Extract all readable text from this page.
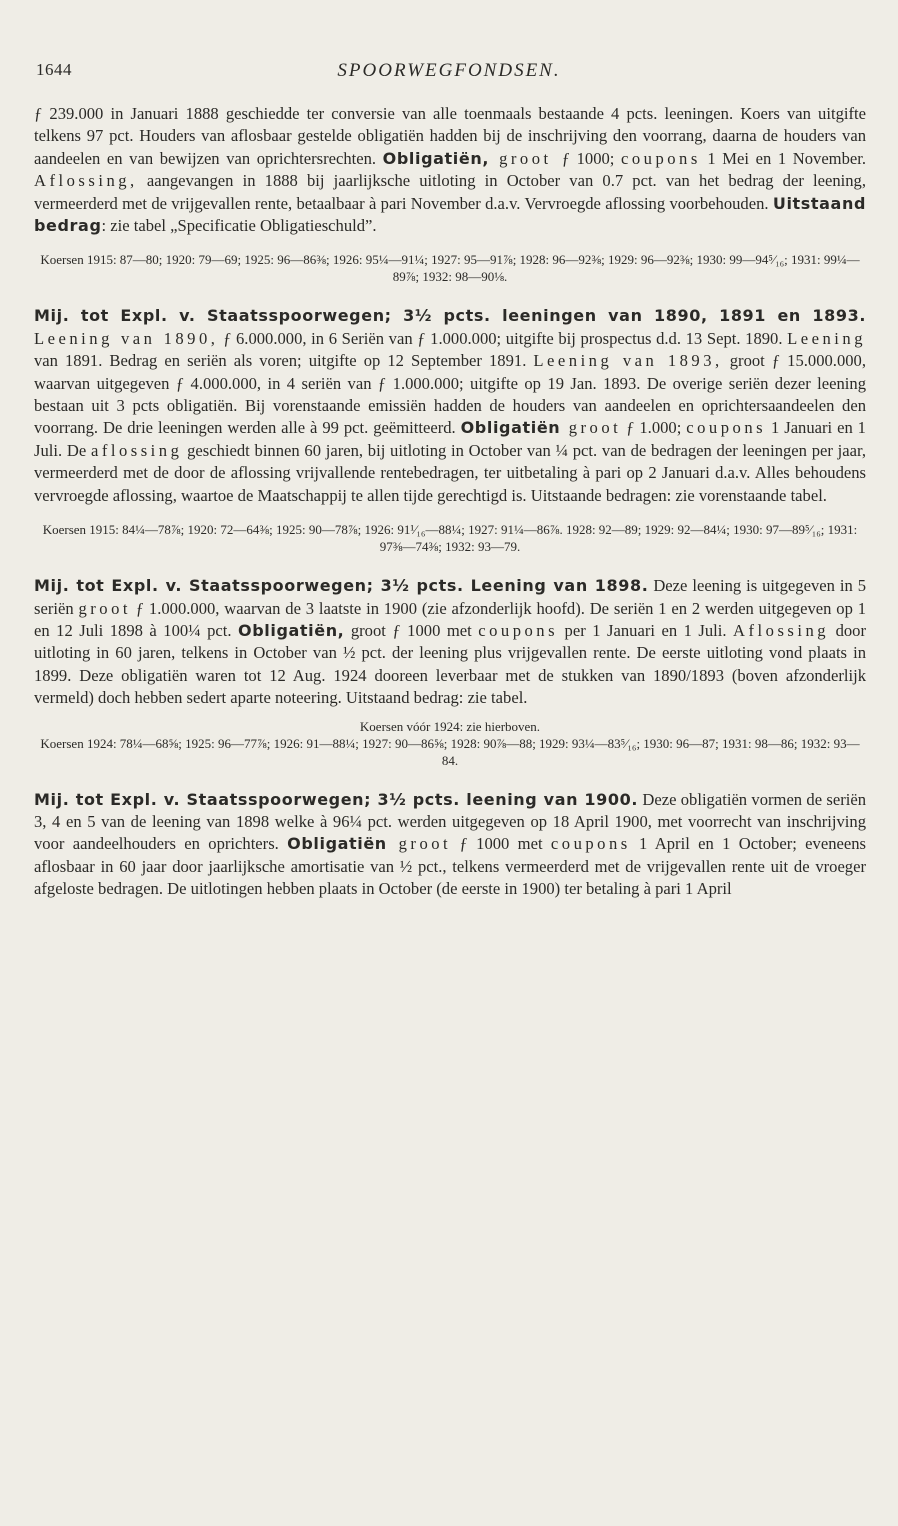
1644	SPOORWEGFONDSEN.

ƒ 239.000 in Januari 1888 geschiedde ter conversie van alle toenmaals bestaande 4 pcts. leeningen. Koers van uitgifte telkens 97 pct. Houders van aflosbaar gestelde obligatiën hadden bij de inschrijving den voorrang, daarna de houders van aandeelen en van bewijzen van oprichtersrechten. Obligatiën, groot ƒ 1000; coupons 1 Mei en 1 November. Aflossing, aangevangen in 1888 bij jaarlijksche uitloting in October van 0.7 pct. van het bedrag der leening, vermeerderd met de vrijgevallen rente, betaalbaar à pari November d.a.v. Vervroegde aflossing voorbehouden. Uitstaand bedrag: zie tabel „Specificatie Obligatieschuld”.

Koersen 1915: 87—80; 1920: 79—69; 1925: 96—86⅜; 1926: 95¼—91¼; 1927: 95—91⅞; 1928: 96—92⅜; 1929: 96—92⅜; 1930: 99—94⁵⁄₁₆; 1931: 99¼—89⅞; 1932: 98—90⅛.

Mij. tot Expl. v. Staatsspoorwegen; 3½ pcts. leeningen van 1890, 1891 en 1893. Leening van 1890, ƒ 6.000.000, in 6 Seriën van ƒ 1.000.000; uitgifte bij prospectus d.d. 13 Sept. 1890. Leening van 1891. Bedrag en seriën als voren; uitgifte op 12 September 1891. Leening van 1893, groot ƒ 15.000.000, waarvan uitgegeven ƒ 4.000.000, in 4 seriën van ƒ 1.000.000; uitgifte op 19 Jan. 1893. De overige seriën dezer leening bestaan uit 3 pcts obligatiën. Bij vorenstaande emissiën hadden de houders van aandeelen en oprichtersaandeelen den voorrang. De drie leeningen werden alle à 99 pct. geëmitteerd. Obligatiën groot ƒ 1.000; coupons 1 Januari en 1 Juli. De aflossing geschiedt binnen 60 jaren, bij uitloting in October van ¼ pct. van de bedragen der leeningen per jaar, vermeerderd met de door de aflossing vrijvallende rentebedragen, ter uitbetaling à pari op 2 Januari d.a.v. Alles behoudens vervroegde aflossing, waartoe de Maatschappij te allen tijde gerechtigd is. Uitstaande bedragen: zie vorenstaande tabel.

Koersen 1915: 84¼—78⅞; 1920: 72—64⅜; 1925: 90—78⅞; 1926: 91¹⁄₁₆—88¼; 1927: 91¼—86⅞. 1928: 92—89; 1929: 92—84¼; 1930: 97—89⁵⁄₁₆; 1931: 97⅜—74⅜; 1932: 93—79.

Mij. tot Expl. v. Staatsspoorwegen; 3½ pcts. Leening van 1898. Deze leening is uitgegeven in 5 seriën groot ƒ 1.000.000, waarvan de 3 laatste in 1900 (zie afzonderlijk hoofd). De seriën 1 en 2 werden uitgegeven op 1 en 12 Juli 1898 à 100¼ pct. Obligatiën, groot ƒ 1000 met coupons per 1 Januari en 1 Juli. Aflossing door uitloting in 60 jaren, telkens in October van ½ pct. der leening plus vrijgevallen rente. De eerste uitloting vond plaats in 1899. Deze obligatiën waren tot 12 Aug. 1924 dooreen leverbaar met de stukken van 1890/1893 (boven afzonderlijk vermeld) doch hebben sedert aparte noteering. Uitstaand bedrag: zie tabel.

Koersen vóór 1924: zie hierboven.

Koersen 1924: 78¼—68⅝; 1925: 96—77⅞; 1926: 91—88¼; 1927: 90—86⅝; 1928: 90⅞—88; 1929: 93¼—83⁵⁄₁₆; 1930: 96—87; 1931: 98—86; 1932: 93—84.

Mij. tot Expl. v. Staatsspoorwegen; 3½ pcts. leening van 1900. Deze obligatiën vormen de seriën 3, 4 en 5 van de leening van 1898 welke à 96¼ pct. werden uitgegeven op 18 April 1900, met voorrecht van inschrijving voor aandeelhouders en oprichters. Obligatiën groot ƒ 1000 met coupons 1 April en 1 October; eveneens aflosbaar in 60 jaar door jaarlijksche amortisatie van ½ pct., telkens vermeerderd met de vrijgevallen rente uit de vroeger afgeloste bedragen. De uitlotingen hebben plaats in October (de eerste in 1900) ter betaling à pari 1 April
